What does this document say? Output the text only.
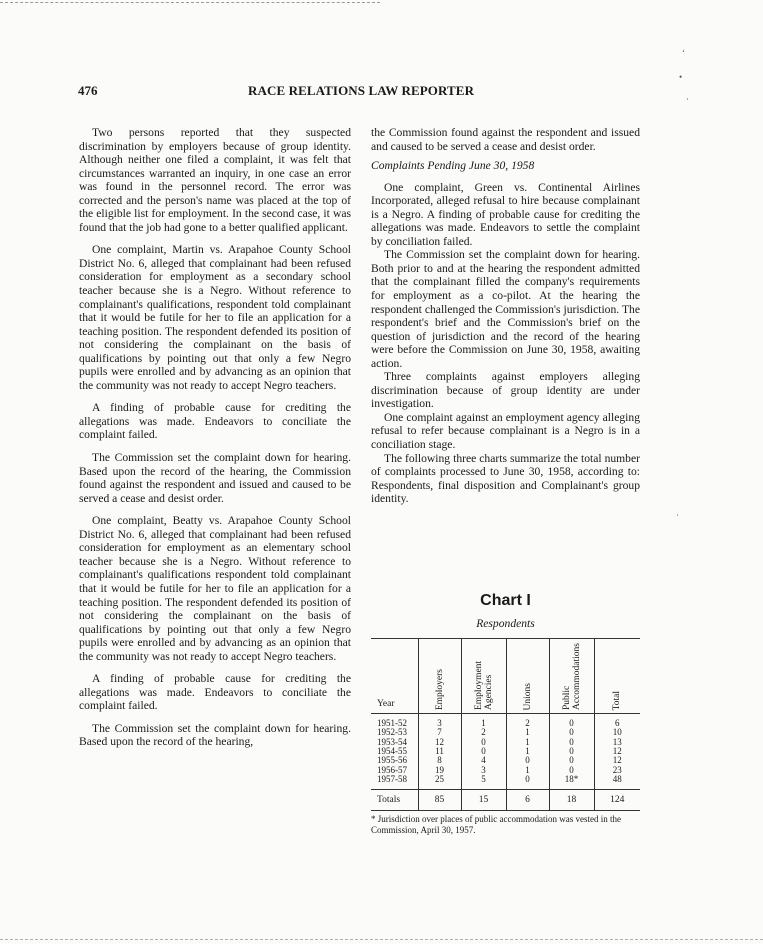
476	RACE RELATIONS LAW REPORTER

Two persons reported that they suspected discrimination by employers because of group identity. Although neither one filed a complaint, it was felt that circumstances warranted an inquiry, in one case an error was found in the personnel record. The error was corrected and the person's name was placed at the top of the eligible list for employment. In the second case, it was found that the job had gone to a better qualified applicant.

One complaint, Martin vs. Arapahoe County School District No. 6, alleged that complainant had been refused consideration for employment as a secondary school teacher because she is a Negro. Without reference to complainant's qualifications, respondent told complainant that it would be futile for her to file an application for a teaching position. The respondent defended its position of not considering the complainant on the basis of qualifications by pointing out that only a few Negro pupils were enrolled and by advancing as an opinion that the community was not ready to accept Negro teachers.

A finding of probable cause for crediting the allegations was made. Endeavors to conciliate the complaint failed.

The Commission set the complaint down for hearing. Based upon the record of the hearing, the Commission found against the respondent and issued and caused to be served a cease and desist order.

One complaint, Beatty vs. Arapahoe County School District No. 6, alleged that complainant had been refused consideration for employment as an elementary school teacher because she is a Negro. Without reference to complainant's qualifications respondent told complainant that it would be futile for her to file an application for a teaching position. The respondent defended its position of not considering the complainant on the basis of qualifications by pointing out that only a few Negro pupils were enrolled and by advancing as an opinion that the community was not ready to accept Negro teachers.

A finding of probable cause for crediting the allegations was made. Endeavors to conciliate the complaint failed.

The Commission set the complaint down for hearing. Based upon the record of the hearing,

the Commission found against the respondent and issued and caused to be served a cease and desist order.

Complaints Pending June 30, 1958

One complaint, Green vs. Continental Airlines Incorporated, alleged refusal to hire because complainant is a Negro. A finding of probable cause for crediting the allegations was made. Endeavors to settle the complaint by conciliation failed.

The Commission set the complaint down for hearing. Both prior to and at the hearing the respondent admitted that the complainant filled the company's requirements for employment as a co-pilot. At the hearing the respondent challenged the Commission's jurisdiction. The respondent's brief and the Commission's brief on the question of jurisdiction and the record of the hearing were before the Commission on June 30, 1958, awaiting action.

Three complaints against employers alleging discrimination because of group identity are under investigation.

One complaint against an employment agency alleging refusal to refer because complainant is a Negro is in a conciliation stage.

The following three charts summarize the total number of complaints processed to June 30, 1958, according to: Respondents, final disposition and Complainant's group identity.

Chart I
Respondents
Year	Employers	Employment Agencies	Unions	Public Accommodations	Total
1951-52	3	1	2	0	6
1952-53	7	2	1	0	10
1953-54	12	0	1	0	13
1954-55	11	0	1	0	12
1955-56	8	4	0	0	12
1956-57	19	3	1	0	23
1957-58	25	5	0	18*	48
Totals	85	15	6	18	124
* Jurisdiction over places of public accommodation was vested in the Commission, April 30, 1957.
‘
•
·
·
